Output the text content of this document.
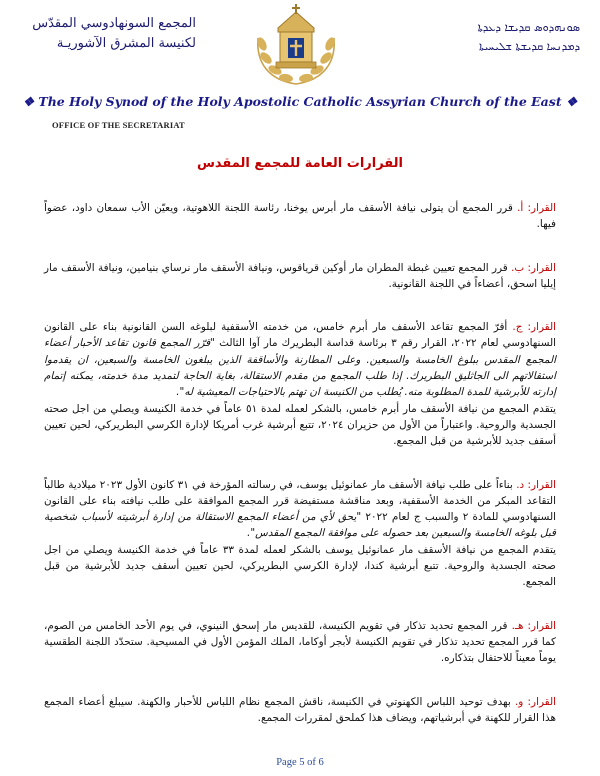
المجمع السونهادوسي المقدّس
لكنيسة المشرق الآشوريـة
ܣܘܢܗܕܘܣ ܩܕܝܫܐ ܕܥܕܬܐ
ܕܡܕܢܚܐ ܩܕܝܫܬܐ ܫܠܝܚܝܬܐ
❖ The Holy Synod of the Holy Apostolic Catholic Assyrian Church of the East ❖
OFFICE OF THE SECRETARIAT
القرارات العامة للمجمع المقدس

القرار: أ. قرر المجمع أن يتولى نيافة الأسقف مار أبرس يوخنا، رئاسة اللجنة اللاهوتية، ويعيّن الأب سمعان داود، عضواً فيها.

القرار: ب. قرر المجمع تعيين غبطة المطران مار أوكين قرياقوس، ونيافة الأسقف مار نرساي بنيامين، ونيافة الأسقف مار إيليا اسحق، أعضاءاً في اللجنة القانونية.

القرار: ج. أقرّ المجمع تقاعد الأسقف مار أبرم خامس، من خدمته الأسقفية لبلوغه السن القانونية بناء على القانون السنهادوسي لعام ٢٠٢٢، القرار رقم ٣ برئاسة قداسة البطريرك مار آوا الثالث "قرّر المجمع قانون تقاعد الأحبار أعضاء المجمع المقدس ببلوغ الخامسة والسبعين. وعلى المطارنة والأساقفة الذين يبلغون الخامسة والسبعين، ان يقدموا استقالاتهم الى الجاثليق البطريرك. إذا طلب المجمع من مقدم الاستقالة، بغاية الحاجة لتمديد مدة خدمته، يمكنه إتمام إدارته للأبرشية للمدة المطلوبة منه. يُطلب من الكنيسة ان تهتم بالاحتياجات المعيشية له".

يتقدم المجمع من نيافة الأسقف مار أبرم خامس، بالشكر لعمله لمدة ٥١ عاماً في خدمة الكنيسة ويصلي من اجل صحته الجسدية والروحية. واعتباراً من الأول من حزيران ٢٠٢٤، تتبع أبرشية غرب أمريكا لإدارة الكرسي البطريركي، لحين تعيين أسقف جديد للأبرشية من قبل المجمع.

القرار: د. بناءاً على طلب نيافة الأسقف مار عمانوئيل يوسف، في رسالته المؤرخة في ٣١ كانون الأول ٢٠٢٣ ميلادية طالباً التقاعد المبكر من الخدمة الأسقفية، وبعد مناقشة مستفيضة قرر المجمع الموافقة على طلب نيافته بناء على القانون السنهادوسي للمادة ٢ والسبب ج لعام ٢٠٢٢ "يحق لأي من أعضاء المجمع الاستقالة من إدارة أبرشيته لأسباب شخصية قبل بلوغه الخامسة والسبعين بعد حصوله على موافقة المجمع المقدس".

يتقدم المجمع من نيافة الأسقف مار عمانوئيل يوسف بالشكر لعمله لمدة ٣٣ عاماً في خدمة الكنيسة ويصلي من اجل صحته الجسدية والروحية. تتبع أبرشية كندا، لإدارة الكرسي البطريركي، لحين تعيين أسقف جديد للأبرشية من قبل المجمع.

القرار: هـ. قرر المجمع تحديد تذكار في تقويم الكنيسة، للقديس مار إسحق النينوي، في يوم الأحد الخامس من الصوم، كما قرر المجمع تحديد تذكار في تقويم الكنيسة لأبجر أوكاما، الملك المؤمن الأول في المسيحية. ستحدّد اللجنة الطقسية يوماً معيناً للاحتفال بتذكاره.

القرار: و. بهدف توحيد اللباس الكهنوتي في الكنيسة، ناقش المجمع نظام اللباس للأحبار والكهنة. سيبلغ أعضاء المجمع هذا القرار للكهنة في أبرشياتهم، ويضاف هذا كملحق لمقررات المجمع.

Page 5 of 6
